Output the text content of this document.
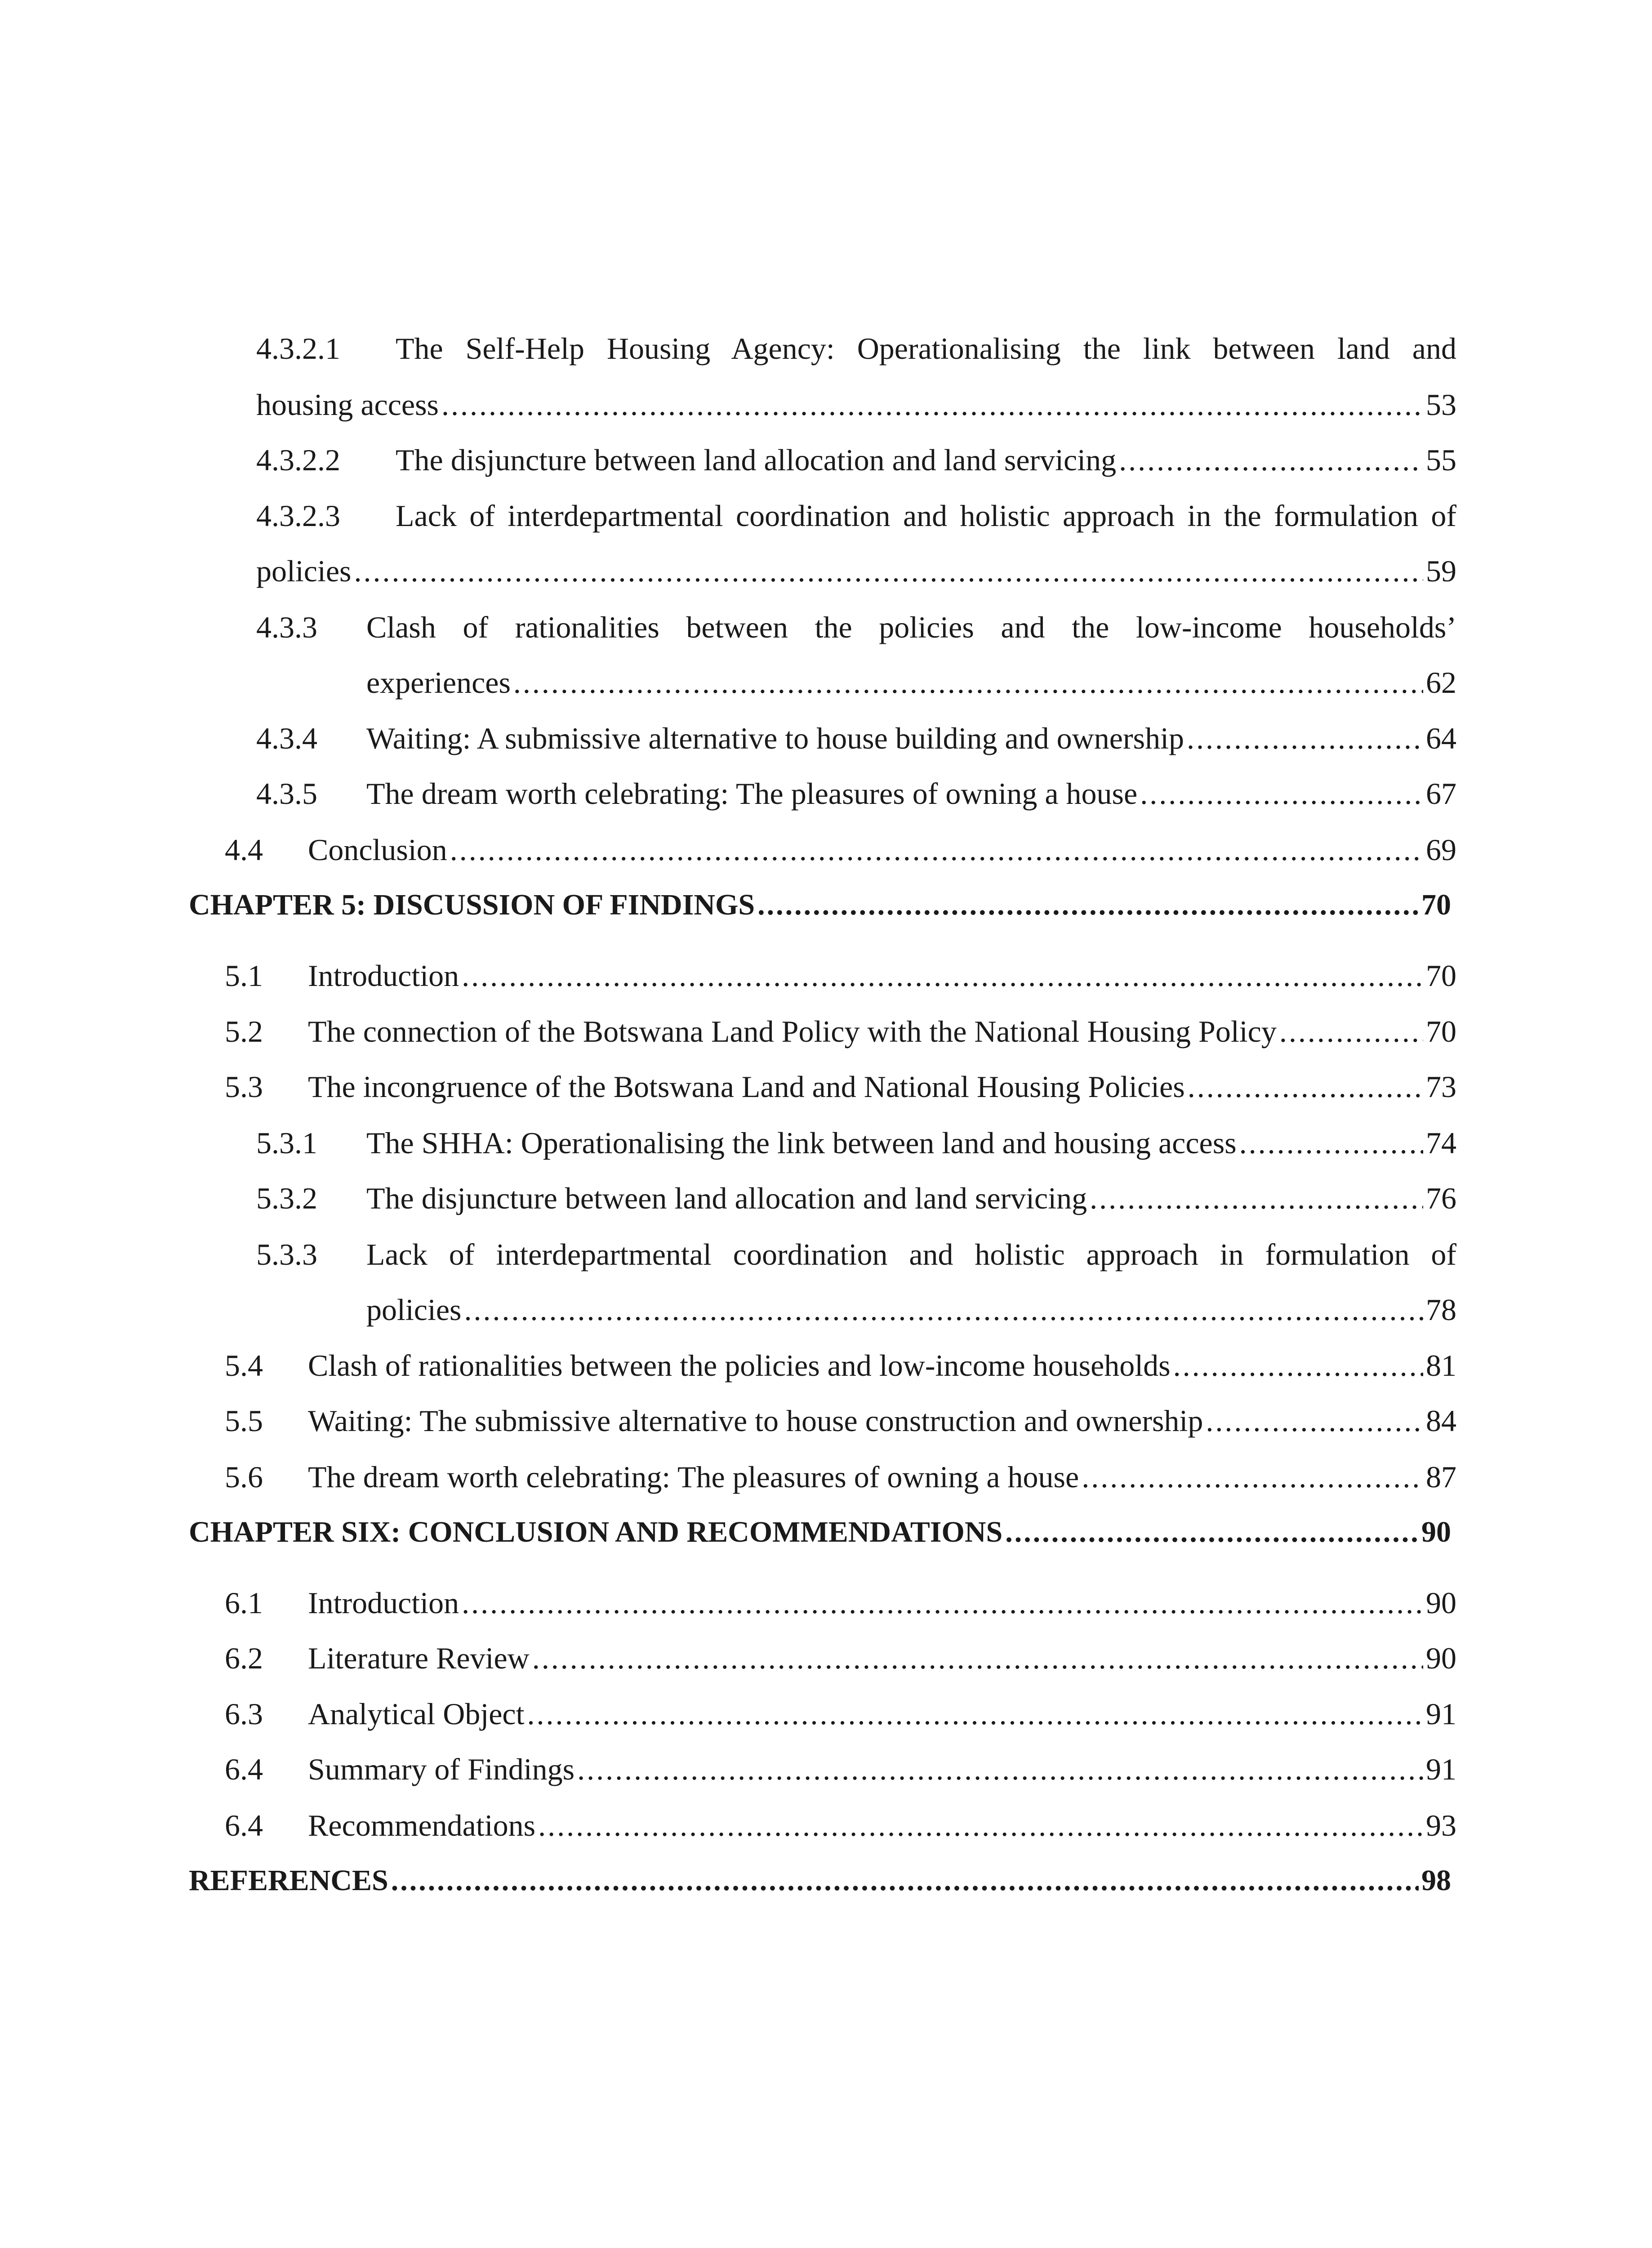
4.3.2.1 The Self-Help Housing Agency: Operationalising the link between land and
housing access .....	53
4.3.2.2 The disjuncture between land allocation and land servicing .....	55
4.3.2.3 Lack of interdepartmental coordination and holistic approach in the formulation of
policies .....	59
4.3.3 Clash of rationalities between the policies and the low-income households’
experiences .....	62
4.3.4 Waiting: A submissive alternative to house building and ownership .....	64
4.3.5 The dream worth celebrating: The pleasures of owning a house .....	67
4.4 Conclusion .....	69
CHAPTER 5: DISCUSSION OF FINDINGS .....	70
5.1 Introduction .....	70
5.2 The connection of the Botswana Land Policy with the National Housing Policy .....	70
5.3 The incongruence of the Botswana Land and National Housing Policies .....	73
5.3.1 The SHHA: Operationalising the link between land and housing access .....	74
5.3.2 The disjuncture between land allocation and land servicing .....	76
5.3.3 Lack of interdepartmental coordination and holistic approach in formulation of
policies .....	78
5.4 Clash of rationalities between the policies and low-income households .....	81
5.5 Waiting: The submissive alternative to house construction and ownership .....	84
5.6 The dream worth celebrating: The pleasures of owning a house .....	87
CHAPTER SIX: CONCLUSION AND RECOMMENDATIONS .....	90
6.1 Introduction .....	90
6.2 Literature Review .....	90
6.3 Analytical Object .....	91
6.4 Summary of Findings .....	91
6.4 Recommendations .....	93
REFERENCES .....	98
